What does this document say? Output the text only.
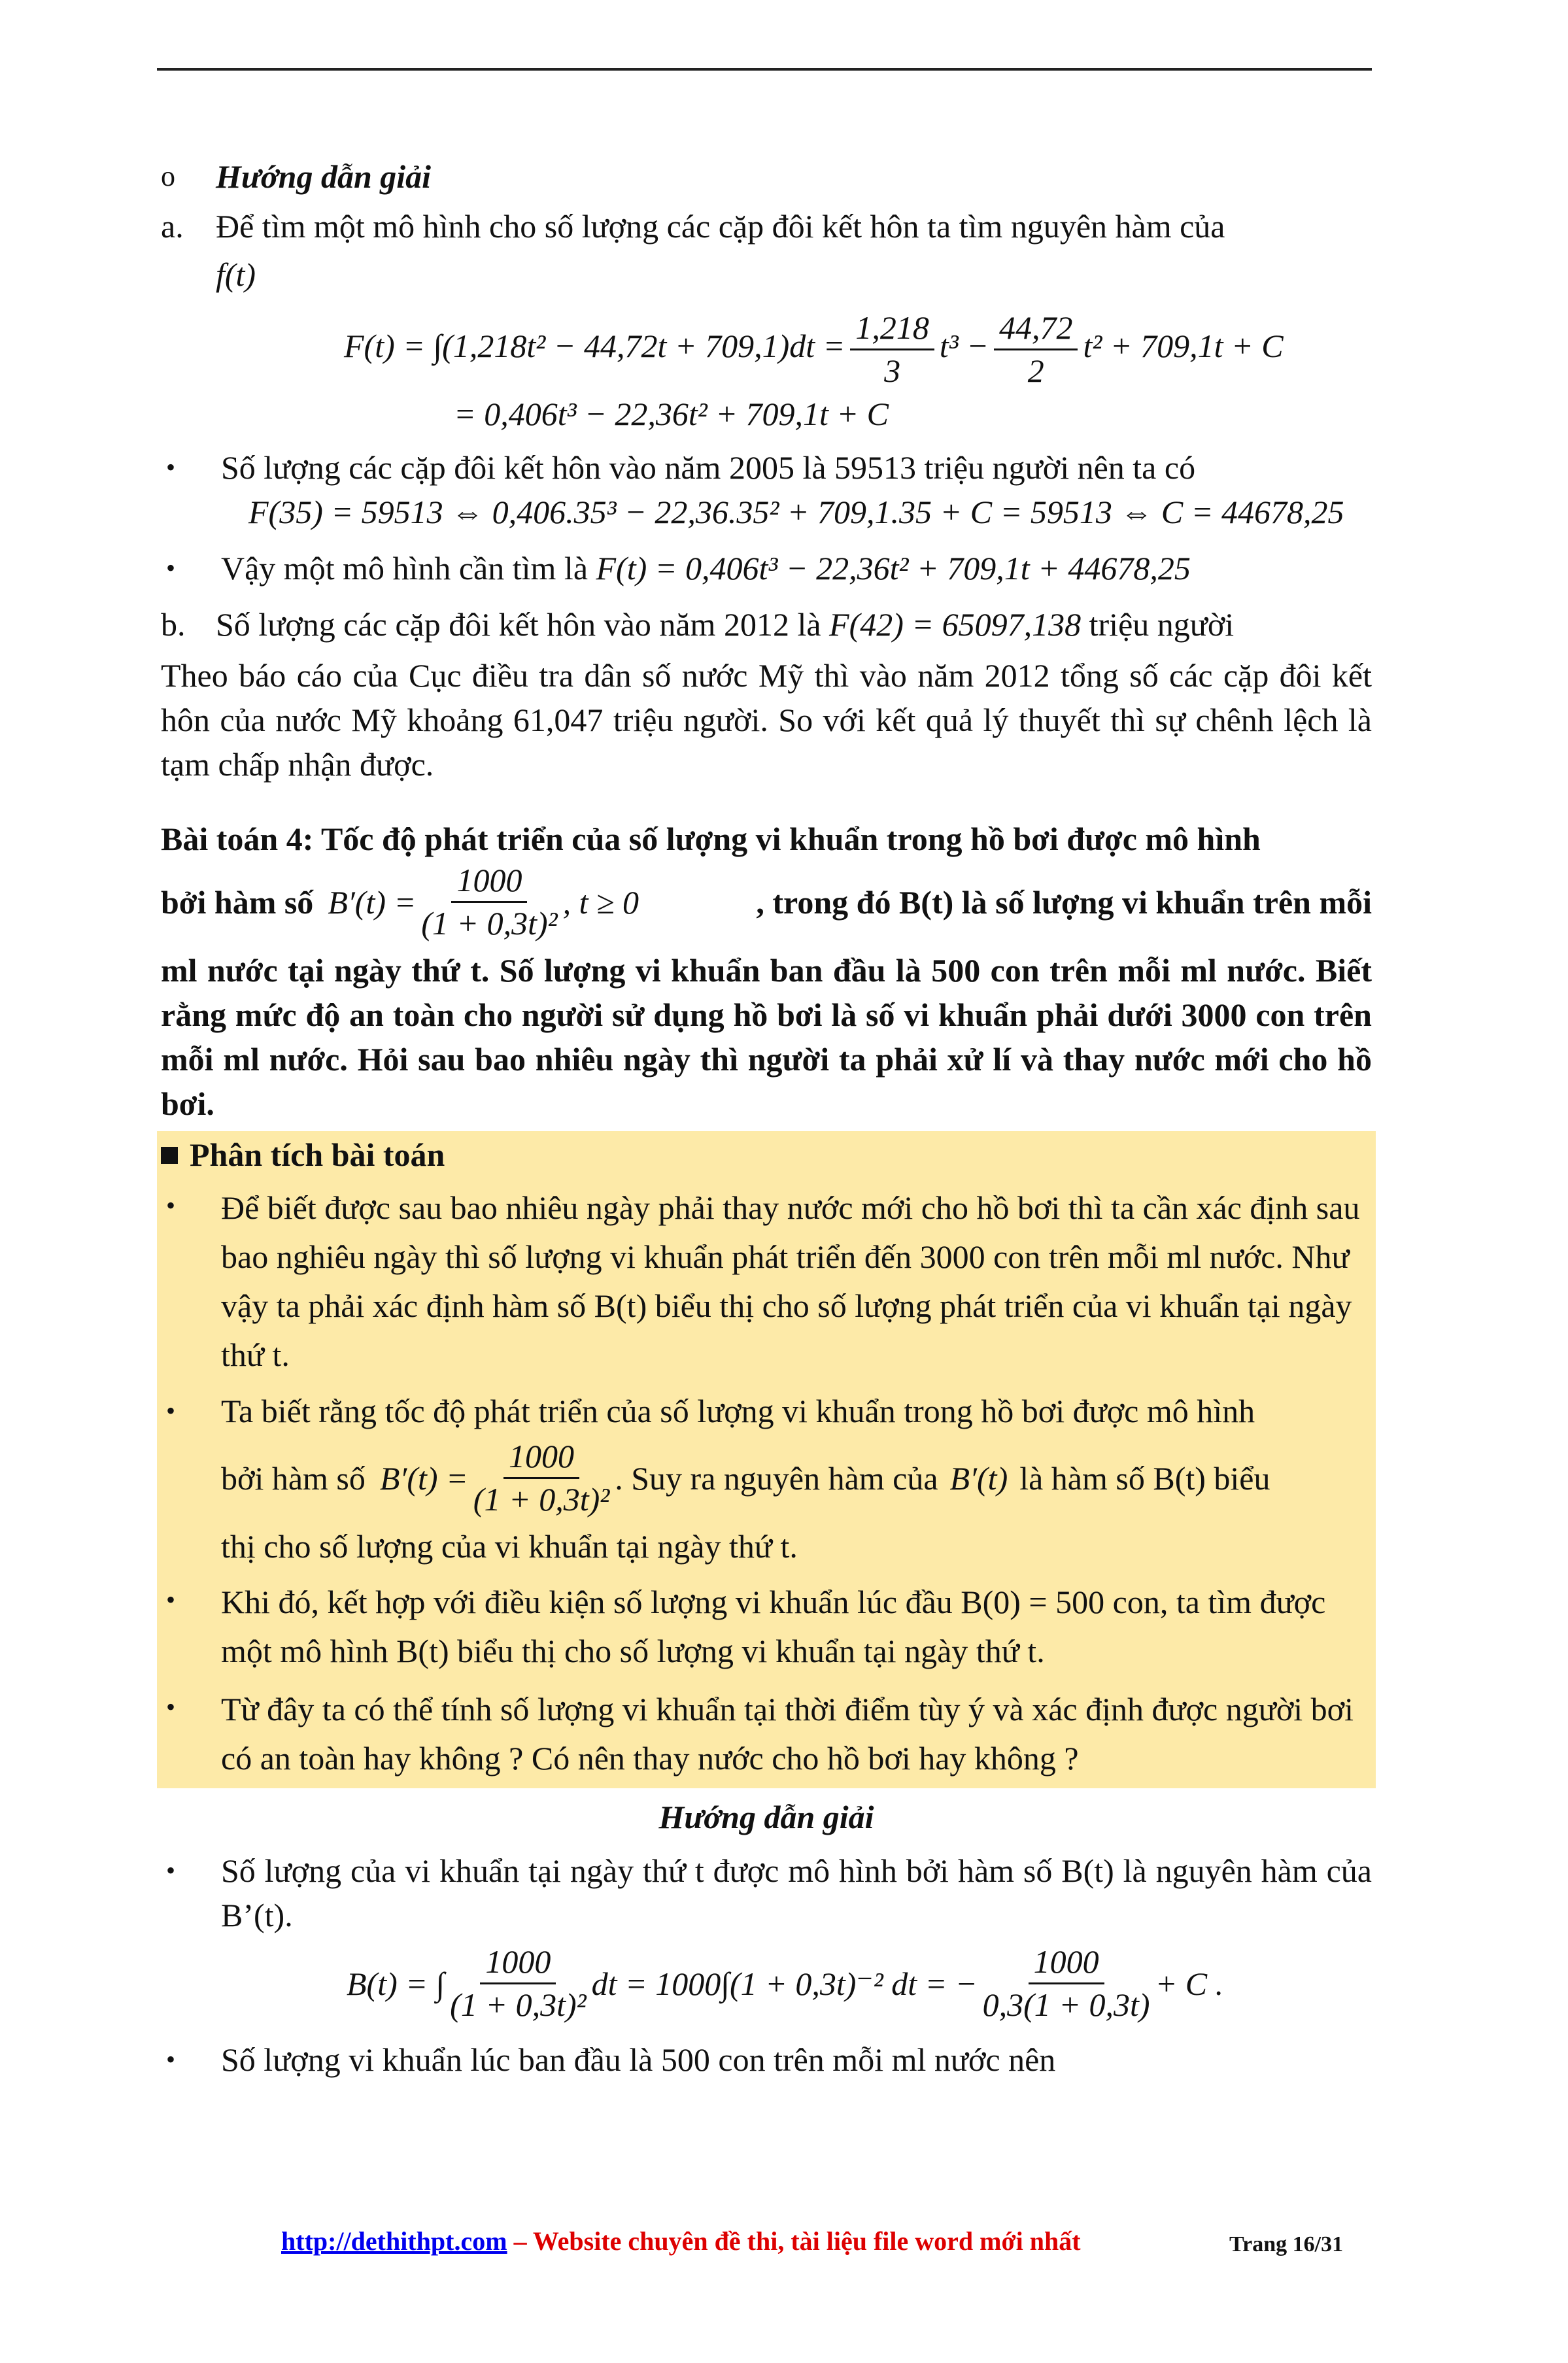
o	Hướng dẫn giải
a. Để tìm một mô hình cho số lượng các cặp đôi kết hôn ta tìm nguyên hàm của

f(t)
$F(t) = \int(1,218t^2 - 44,72t + 709,1)dt = \frac{1,218}{3} t^3 - \frac{44,72}{2} t^2 + 709,1t + C$
= 0,406t³ − 22,36t² + 709,1t + C
•	Số lượng các cặp đôi kết hôn vào năm 2005 là 59513 triệu người nên ta có

F(35) = 59513 ⇔ 0,406.35³ − 22,36.35² + 709,1.35 + C = 59513 ⇔ C = 44678,25
•	Vậy một mô hình cần tìm là F(t) = 0,406t³ − 22,36t² + 709,1t + 44678,25

b. Số lượng các cặp đôi kết hôn vào năm 2012 là F(42) = 65097,138 triệu người

Theo báo cáo của Cục điều tra dân số nước Mỹ thì vào năm 2012 tổng số các cặp đôi kết hôn của nước Mỹ khoảng 61,047 triệu người. So với kết quả lý thuyết thì sự chênh lệch là tạm chấp nhận được.

Bài toán 4: Tốc độ phát triển của số lượng vi khuẩn trong hồ bơi được mô hình

bởi hàm số $B'(t) = \frac{1000}{\text{(1 + 0,3t)²}}$ , t ≥ 0	, trong đó B(t) là số lượng vi khuẩn trên mỗi

ml nước tại ngày thứ t. Số lượng vi khuẩn ban đầu là 500 con trên mỗi ml nước. Biết rằng mức độ an toàn cho người sử dụng hồ bơi là số vi khuẩn phải dưới 3000 con trên mỗi ml nước. Hỏi sau bao nhiêu ngày thì người ta phải xử lí và thay nước mới cho hồ bơi.

Phân tích bài toán
•	Để biết được sau bao nhiêu ngày phải thay nước mới cho hồ bơi thì ta cần xác định sau bao nghiêu ngày thì số lượng vi khuẩn phát triển đến 3000 con trên mỗi ml nước. Như vậy ta phải xác định hàm số B(t) biểu thị cho số lượng phát triển của vi khuẩn tại ngày thứ t.

•	Ta biết rằng tốc độ phát triển của số lượng vi khuẩn trong hồ bơi được mô hình

bởi hàm số $B'(t) = \frac{1000}{\text{(1 + 0,3t)²}}$ . Suy ra nguyên hàm của B′(t) là hàm số B(t) biểu

thị cho số lượng của vi khuẩn tại ngày thứ t.

•	Khi đó, kết hợp với điều kiện số lượng vi khuẩn lúc đầu B(0) = 500 con, ta tìm được một mô hình B(t) biểu thị cho số lượng vi khuẩn tại ngày thứ t.

•	Từ đây ta có thể tính số lượng vi khuẩn tại thời điểm tùy ý và xác định được người bơi có an toàn hay không ? Có nên thay nước cho hồ bơi hay không ?

Hướng dẫn giải
•	Số lượng của vi khuẩn tại ngày thứ t được mô hình bởi hàm số B(t) là nguyên hàm của B’(t).

B(t) = ∫ $\frac{1000}{\text{(1 + 0,3t)²}}$ dt = 1000∫(1 + 0,3t)⁻² dt = − $\frac{1000}{0,3(1 + 0,3t)} + C$ .
•	Số lượng vi khuẩn lúc ban đầu là 500 con trên mỗi ml nước nên

http://dethithpt.com – Website chuyên đề thi, tài liệu file word mới nhất	Trang 16/31
